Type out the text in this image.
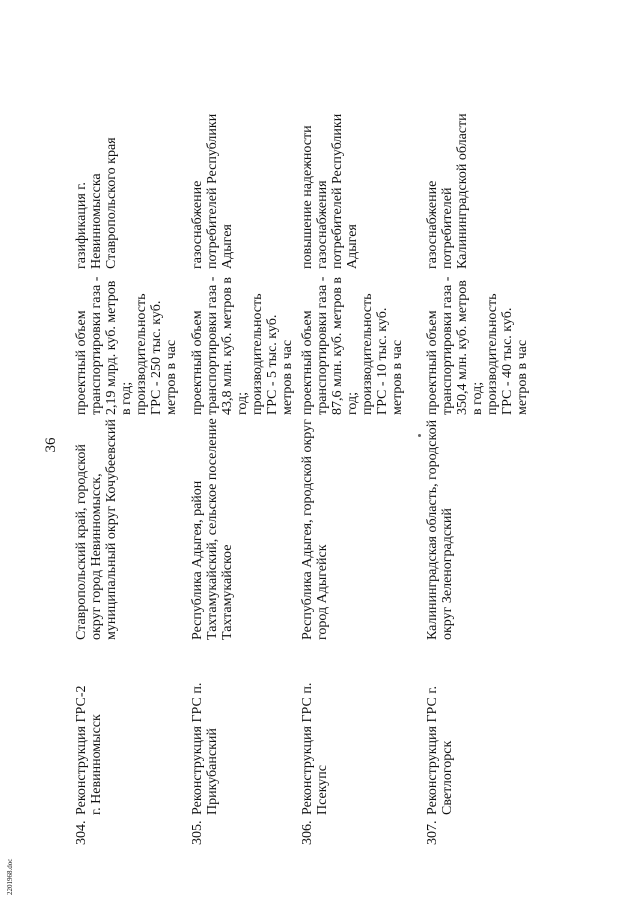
2201968.doc
36
304.
Реконструкция ГРС-2 г. Невинномысск
Ставропольский край, городской округ город Невинномысск, муниципальный округ Кочубеевский
проектный объем транспортировки газа - 2,19 млрд. куб. метров в год; производительность ГРС - 250 тыс. куб. метров в час
газификация г. Невинномысска Ставропольского края
305.
Реконструкция ГРС п. Прикубанский
Республика Адыгея, район Тахтамукайский, сельское поселение Тахтамукайское
проектный объем транспортировки газа - 43,8 млн. куб. метров в год; производительность ГРС - 5 тыс. куб. метров в час
газоснабжение потребителей Республики Адыгея
306.
Реконструкция ГРС п. Псекупс
Республика Адыгея, городской округ город Адыгейск
проектный объем транспортировки газа - 87,6 млн. куб. метров в год; производительность ГРС - 10 тыс. куб. метров в час
повышение надежности газоснабжения потребителей Республики Адыгея
307.
Реконструкция ГРС г. Светлогорск
Калининградская область, городской округ Зеленоградский
проектный объем транспортировки газа - 350,4 млн. куб. метров в год; производительность ГРС - 40 тыс. куб. метров в час
газоснабжение потребителей Калининградской области
